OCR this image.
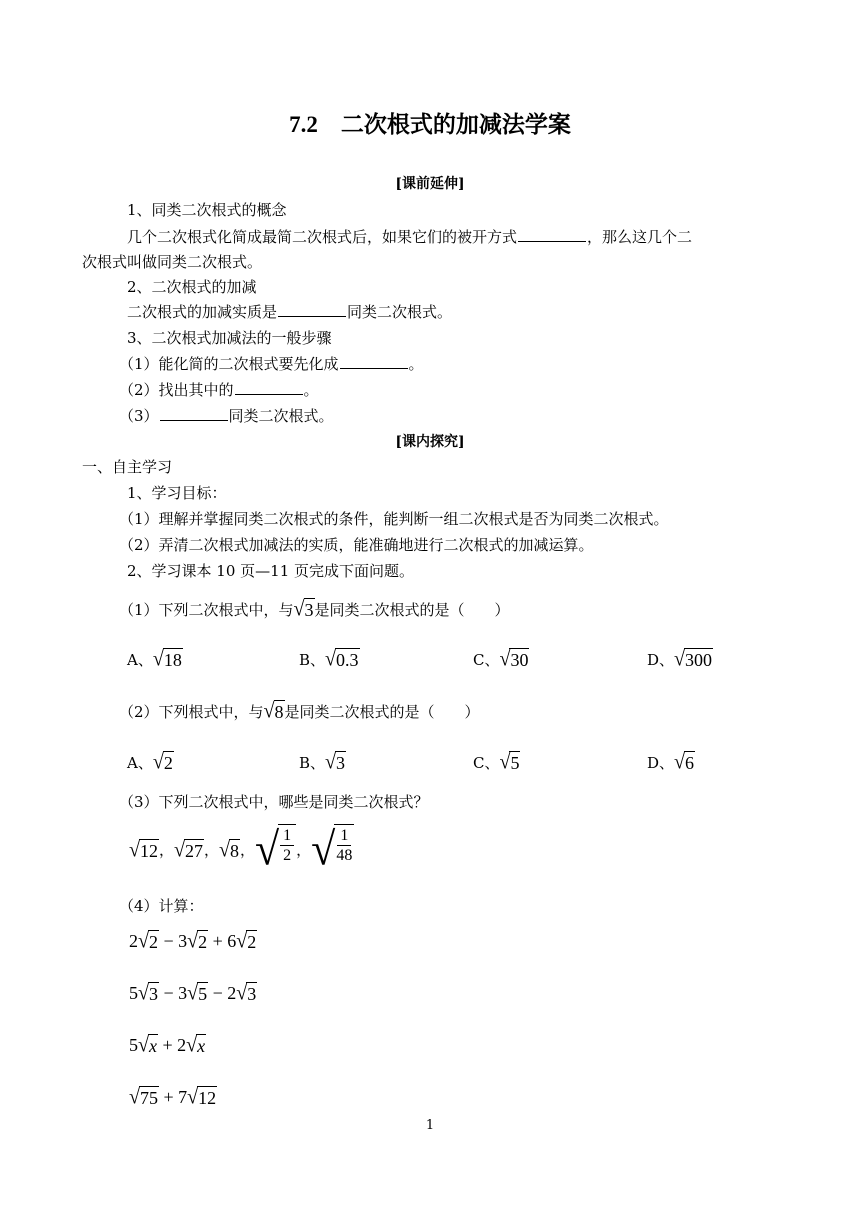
7.2　二次根式的加减法学案
[课前延伸]
1、同类二次根式的概念
几个二次根式化简成最简二次根式后，如果它们的被开方式	，那么这几个二
次根式叫做同类二次根式。
2、二次根式的加减
二次根式的加减实质是	同类二次根式。
3、二次根式加减法的一般步骤
（1）能化简的二次根式要先化成	。
（2）找出其中的	。
（3）	同类二次根式。
[课内探究]
一、自主学习
1、学习目标：
（1）理解并掌握同类二次根式的条件，能判断一组二次根式是否为同类二次根式。
（2）弄清二次根式加减法的实质，能准确地进行二次根式的加减运算。
2、学习课本 10 页—11 页完成下面问题。
（1）下列二次根式中，与 √ 3 是同类二次根式的是（　　）
A、 √ 18	B、 √ 0.3	C、 √ 30	D、 √ 300
（2）下列根式中，与 √ 8 是同类二次根式的是（　　）
A、 √ 2	B、 √ 3	C、 √ 5	D、 √ 6
（3）下列二次根式中，哪些是同类二次根式？
√ 12 ， √ 27 ， √ 8 ， √ $\frac{1}{2}$ ， √ $\frac{1}{48}$
（4）计算：
2 √ 2 − 3 √ 2 + 6 √ 2
5 √ 3 − 3 √ 5 − 2 √ 3
5 √ x + 2 √ x
√ 75 + 7 √ 12
1
